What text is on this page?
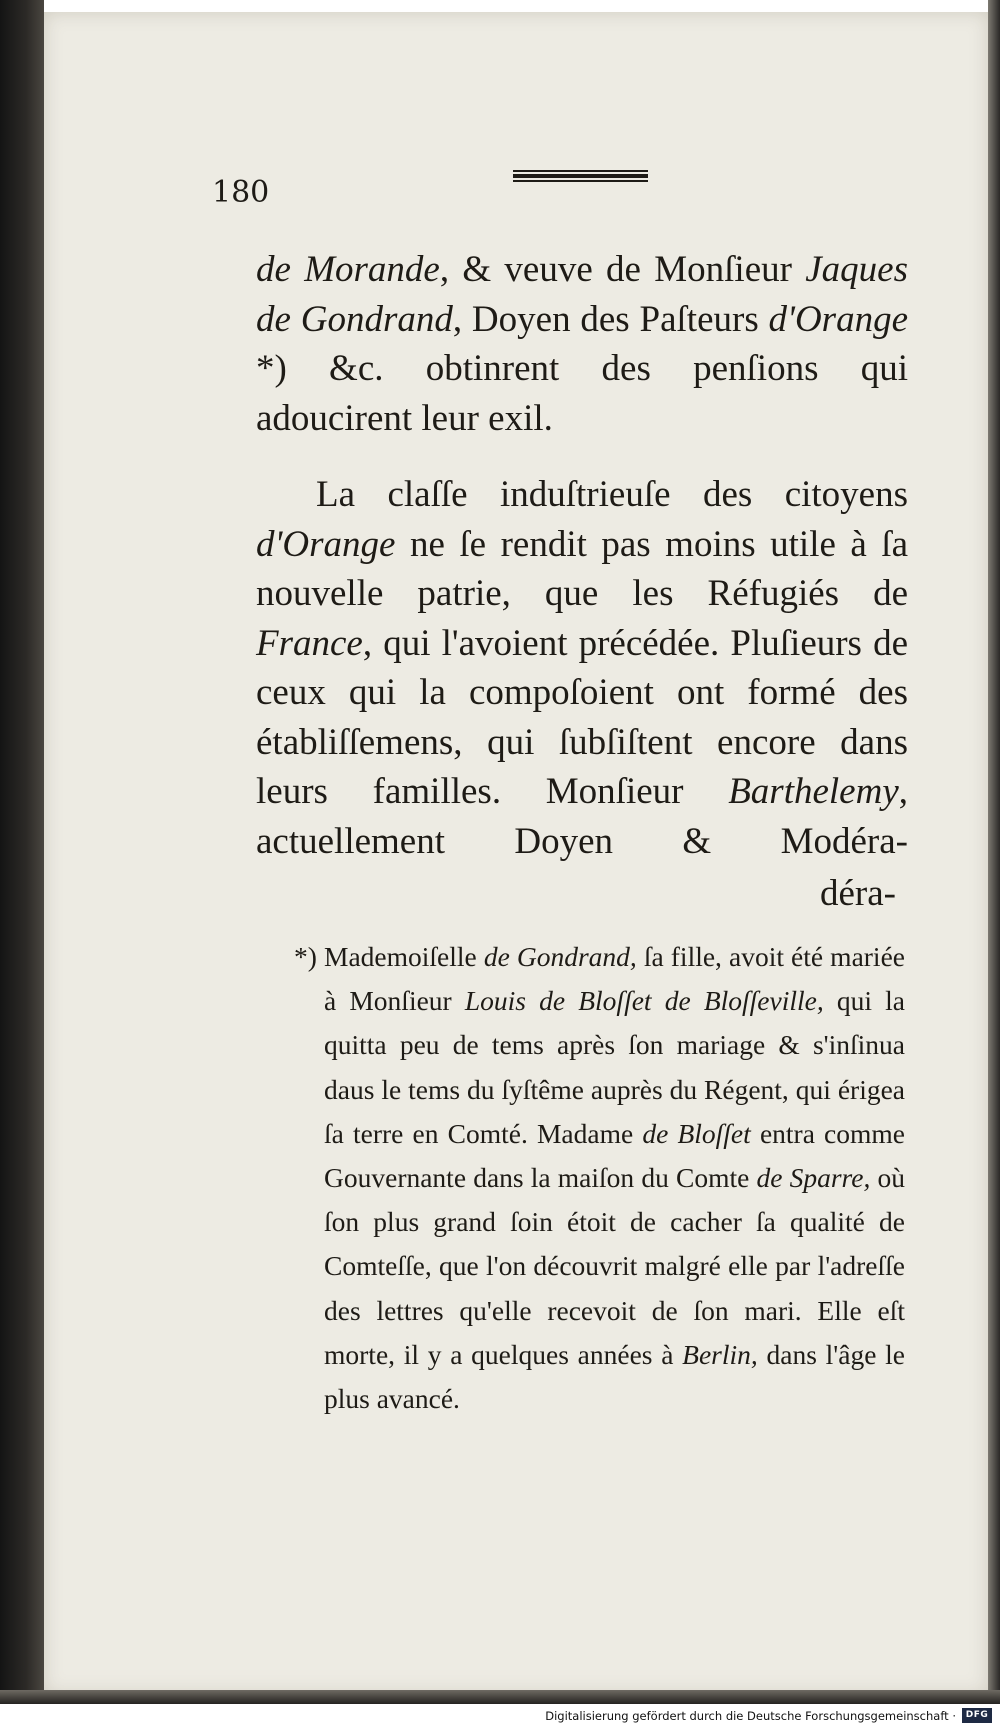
180
de Morande, & veuve de Monſieur Jaques de Gondrand, Doyen des Paſteurs d'Orange *) &c. obtinrent des penſions qui adoucirent leur exil.
La claſſe induſtrieuſe des citoyens d'Orange ne ſe rendit pas moins utile à ſa nouvelle patrie, que les Réfugiés de France, qui l'avoient précédée. Pluſieurs de ceux qui la compoſoient ont formé des établiſſemens, qui ſubſiſtent encore dans leurs familles. Monſieur Barthelemy, actuellement Doyen & Modéra-
déra-
*) Mademoiſelle de Gondrand, ſa fille, avoit été mariée à Monſieur Louis de Bloſſet de Bloſſeville, qui la quitta peu de tems après ſon mariage & s'inſinua daus le tems du ſyſtême auprès du Régent, qui érigea ſa terre en Comté. Madame de Bloſſet entra comme Gouvernante dans la maiſon du Comte de Sparre, où ſon plus grand ſoin étoit de cacher ſa qualité de Comteſſe, que l'on découvrit malgré elle par l'adreſſe des lettres qu'elle recevoit de ſon mari. Elle eſt morte, il y a quelques années à Berlin, dans l'âge le plus avancé.
Digitalisierung gefördert durch die Deutsche Forschungsgemeinschaft ·	DFG
